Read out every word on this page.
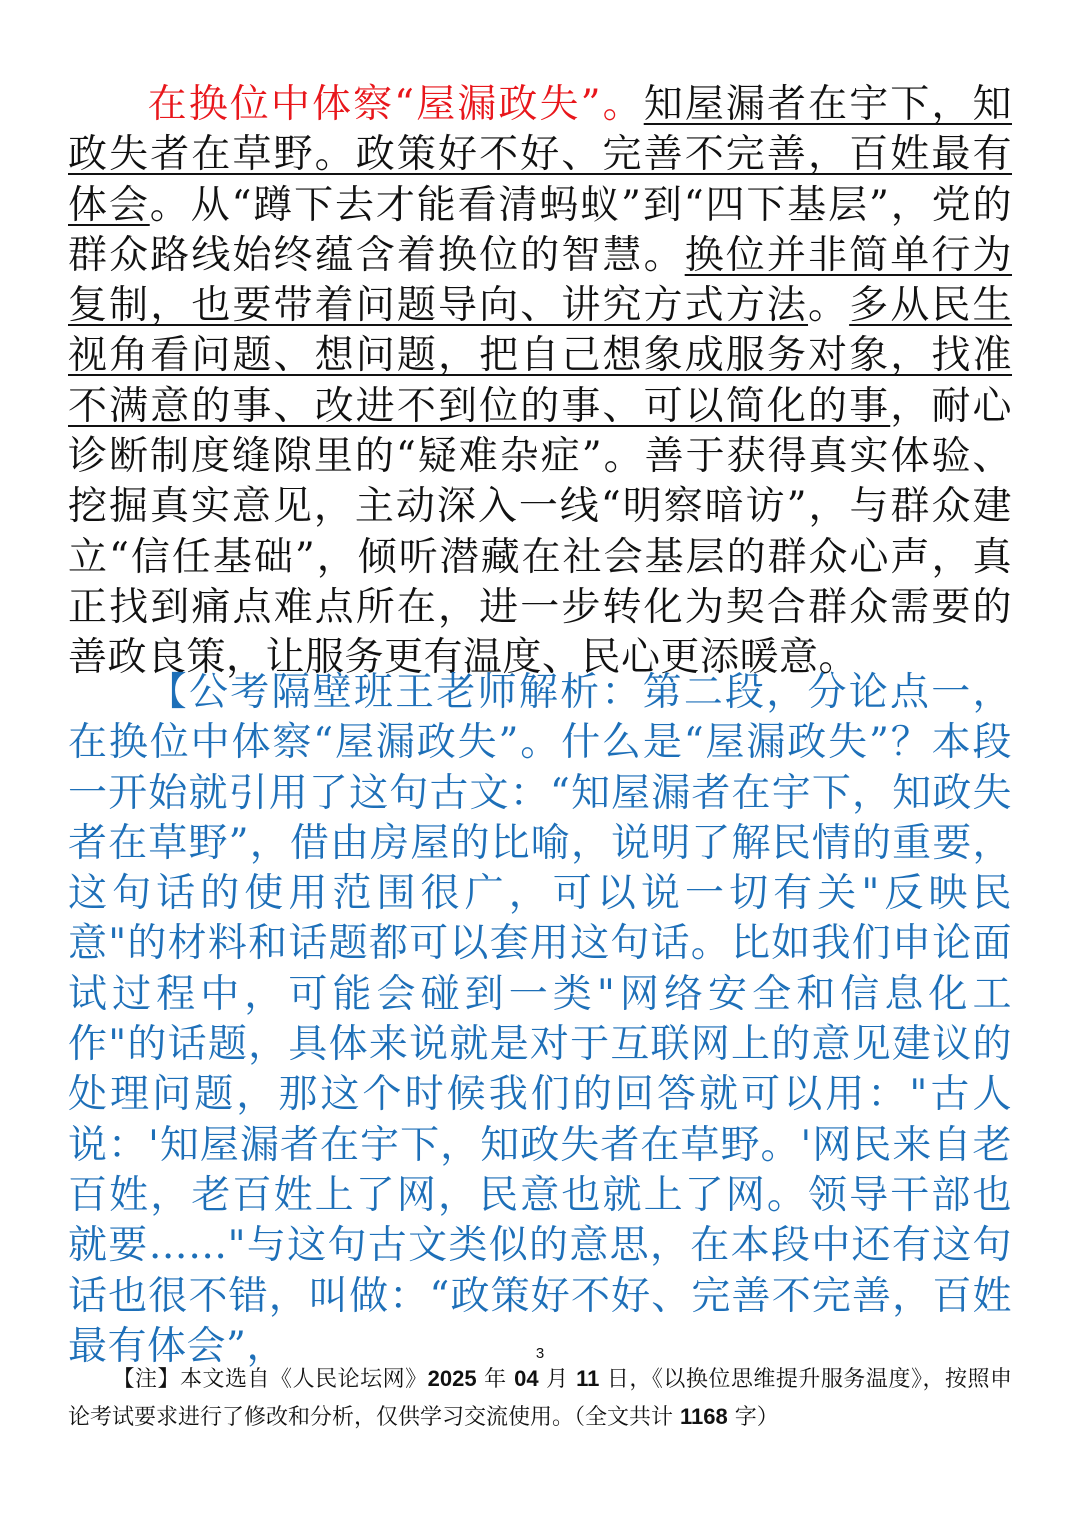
在换位中体察“屋漏政失”。知屋漏者在宇下，知政失者在草野。政策好不好、完善不完善，百姓最有体会。从“蹲下去才能看清蚂蚁”到“四下基层”，党的群众路线始终蕴含着换位的智慧。换位并非简单行为复制，也要带着问题导向、讲究方式方法。多从民生视角看问题、想问题，把自己想象成服务对象，找准不满意的事、改进不到位的事、可以简化的事，耐心诊断制度缝隙里的“疑难杂症”。善于获得真实体验、挖掘真实意见，主动深入一线“明察暗访”，与群众建立“信任基础”，倾听潜藏在社会基层的群众心声，真正找到痛点难点所在，进一步转化为契合群众需要的善政良策，让服务更有温度、民心更添暖意。

【公考隔壁班王老师解析：第二段，分论点一，在换位中体察“屋漏政失”。什么是“屋漏政失”？本段一开始就引用了这句古文：“知屋漏者在宇下，知政失者在草野”，借由房屋的比喻，说明了解民情的重要，这句话的使用范围很广，可以说一切有关"反映民意"的材料和话题都可以套用这句话。比如我们申论面试过程中，可能会碰到一类"网络安全和信息化工作"的话题，具体来说就是对于互联网上的意见建议的处理问题，那这个时候我们的回答就可以用："古人说：'知屋漏者在宇下，知政失者在草野。'网民来自老百姓，老百姓上了网，民意也就上了网。领导干部也就要……"与这句古文类似的意思，在本段中还有这句话也很不错，叫做：“政策好不好、完善不完善，百姓最有体会”，	3
【注】本文选自《人民论坛网》2025 年 04 月 11 日，《以换位思维提升服务温度》，按照申论考试要求进行了修改和分析，仅供学习交流使用。（全文共计 1168 字）
